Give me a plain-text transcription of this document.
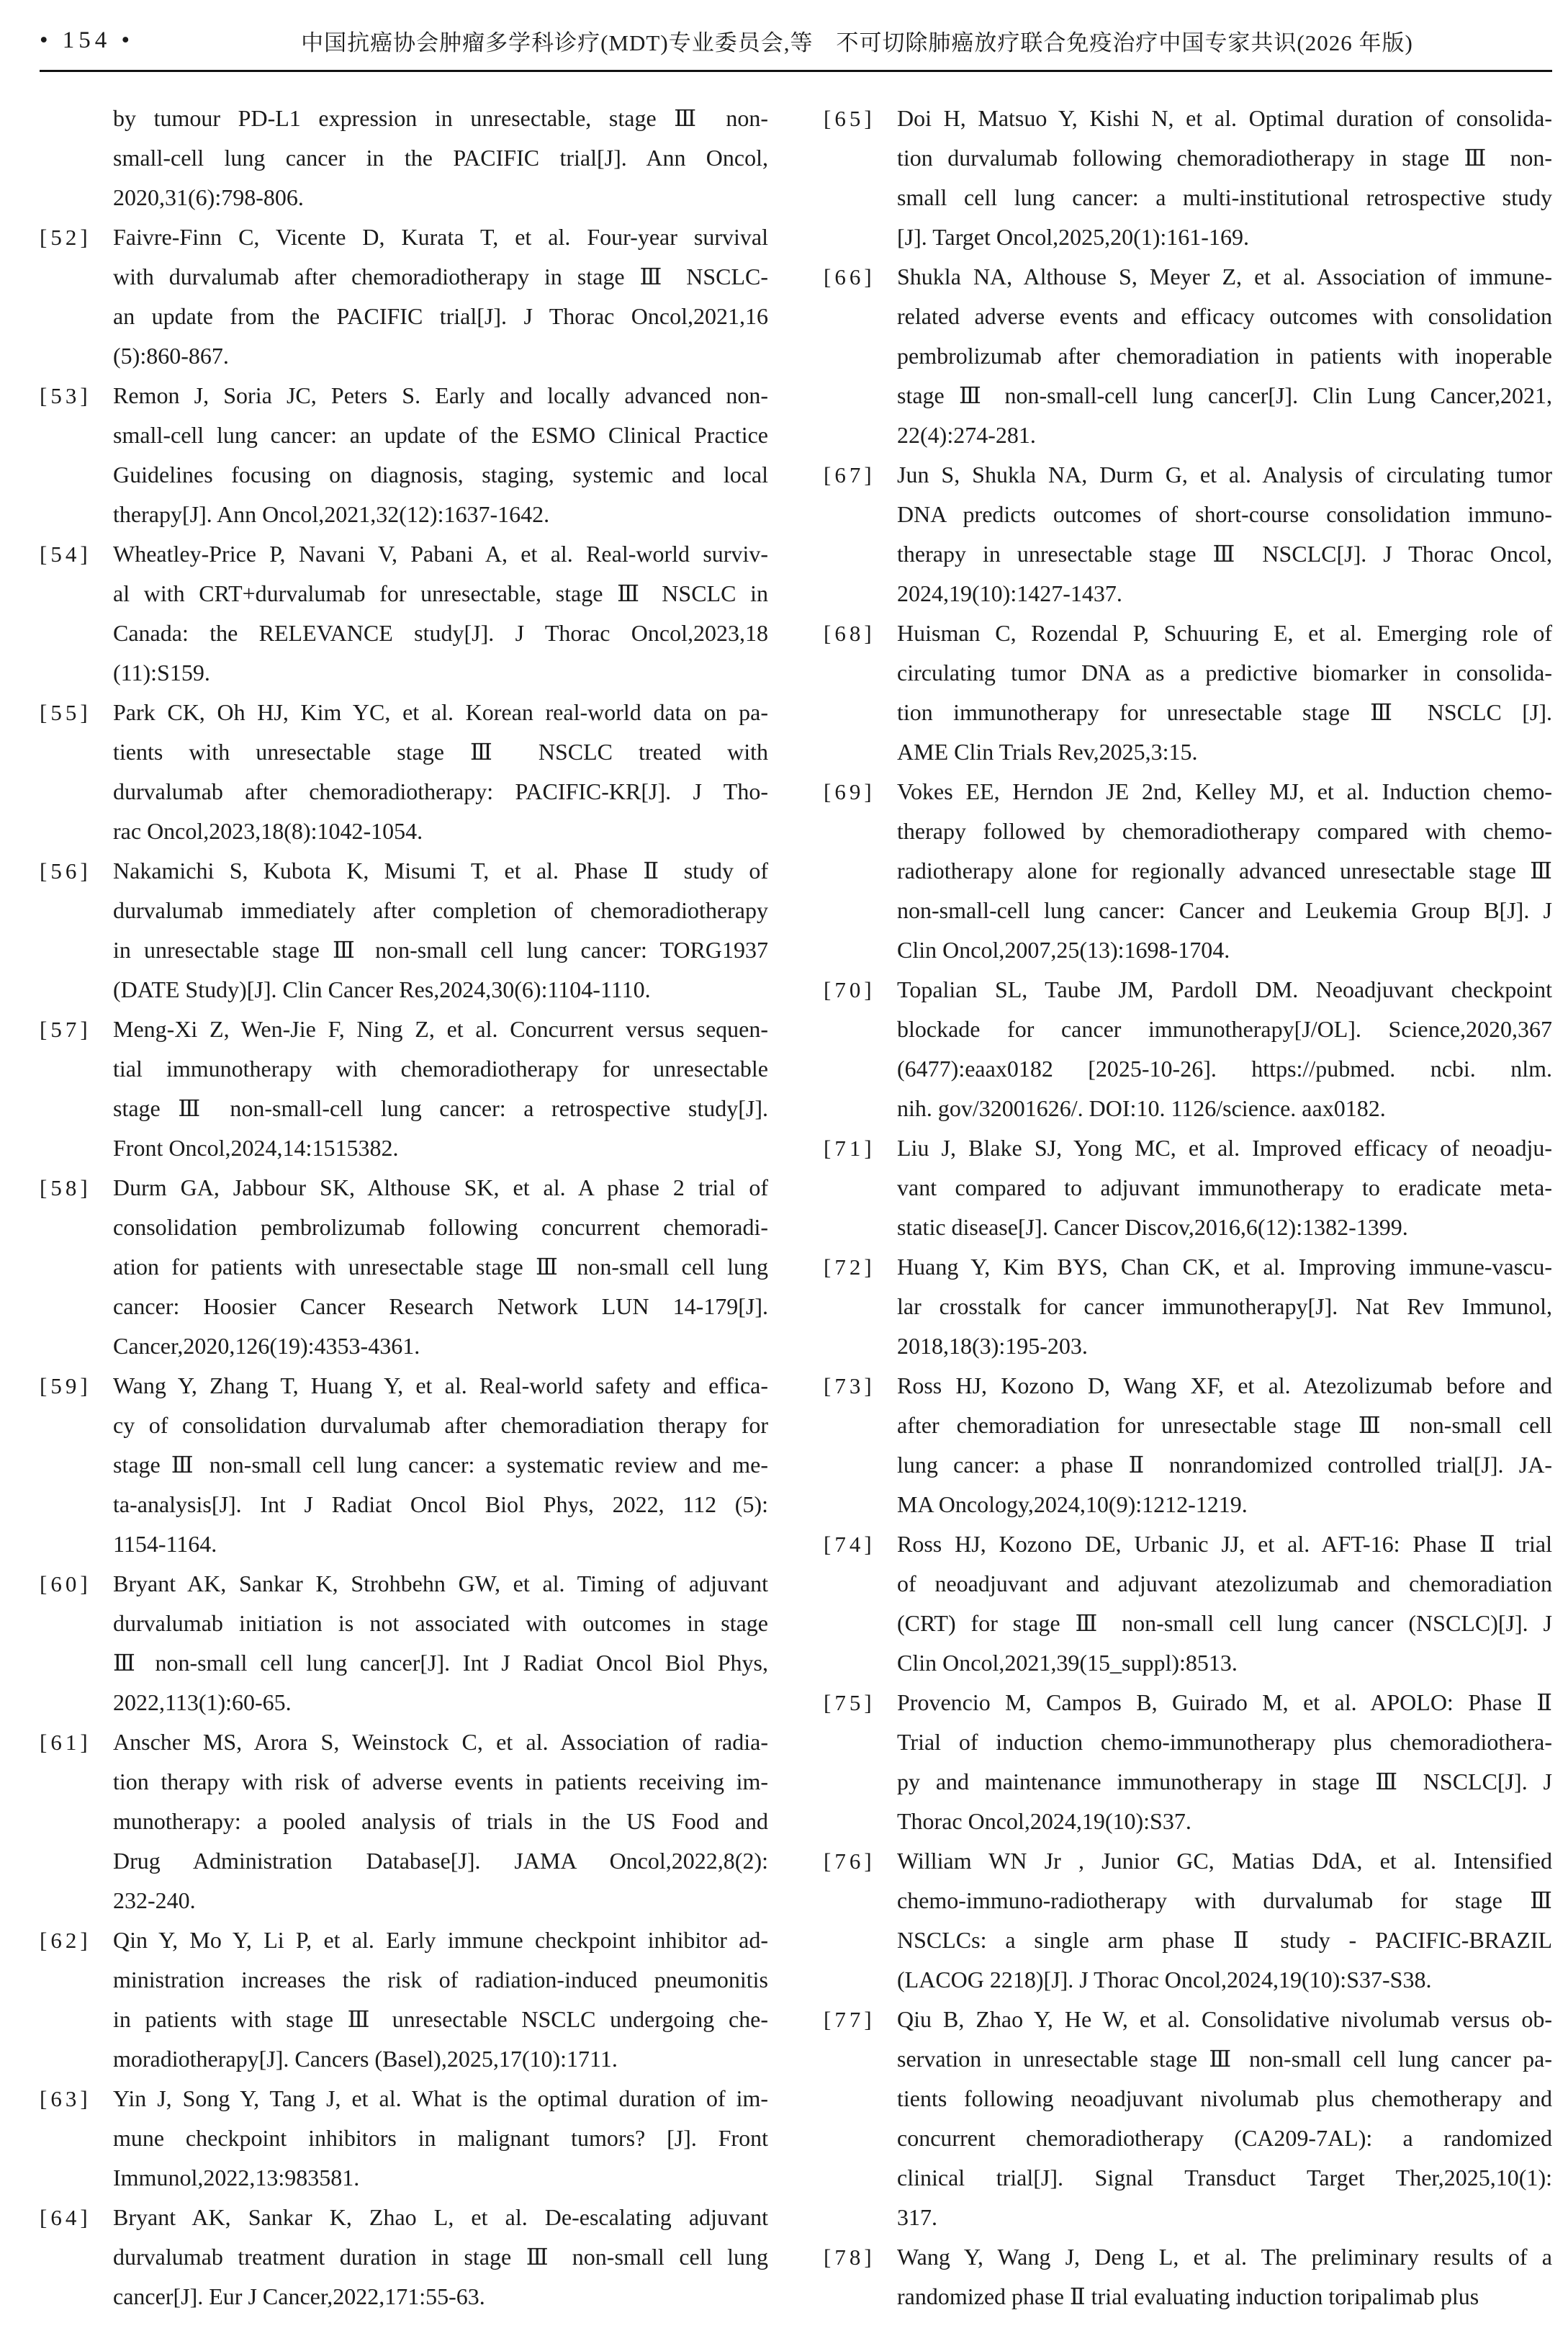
• 154 •	中国抗癌协会肿瘤多学科诊疗(MDT)专业委员会,等　不可切除肺癌放疗联合免疫治疗中国专家共识(2026 年版)
by tumour PD-L1 expression in unresectable, stage Ⅲ non-
small-cell lung cancer in the PACIFIC trial[J]. Ann Oncol,
2020,31(6):798-806.
[52] Faivre-Finn C, Vicente D, Kurata T, et al. Four-year survival
with durvalumab after chemoradiotherapy in stage Ⅲ NSCLC-
an update from the PACIFIC trial[J]. J Thorac Oncol,2021,16
(5):860-867.
[53] Remon J, Soria JC, Peters S. Early and locally advanced non-
small-cell lung cancer: an update of the ESMO Clinical Practice
Guidelines focusing on diagnosis, staging, systemic and local
therapy[J]. Ann Oncol,2021,32(12):1637-1642.
[54] Wheatley-Price P, Navani V, Pabani A, et al. Real-world surviv-
al with CRT+durvalumab for unresectable, stage Ⅲ NSCLC in
Canada: the RELEVANCE study[J]. J Thorac Oncol,2023,18
(11):S159.
[55] Park CK, Oh HJ, Kim YC, et al. Korean real-world data on pa-
tients with unresectable stage Ⅲ NSCLC treated with
durvalumab after chemoradiotherapy: PACIFIC-KR[J]. J Tho-
rac Oncol,2023,18(8):1042-1054.
[56] Nakamichi S, Kubota K, Misumi T, et al. Phase Ⅱ study of
durvalumab immediately after completion of chemoradiotherapy
in unresectable stage Ⅲ non-small cell lung cancer: TORG1937
(DATE Study)[J]. Clin Cancer Res,2024,30(6):1104-1110.
[57] Meng-Xi Z, Wen-Jie F, Ning Z, et al. Concurrent versus sequen-
tial immunotherapy with chemoradiotherapy for unresectable
stage Ⅲ non-small-cell lung cancer: a retrospective study[J].
Front Oncol,2024,14:1515382.
[58] Durm GA, Jabbour SK, Althouse SK, et al. A phase 2 trial of
consolidation pembrolizumab following concurrent chemoradi-
ation for patients with unresectable stage Ⅲ non-small cell lung
cancer: Hoosier Cancer Research Network LUN 14-179[J].
Cancer,2020,126(19):4353-4361.
[59] Wang Y, Zhang T, Huang Y, et al. Real-world safety and effica-
cy of consolidation durvalumab after chemoradiation therapy for
stage Ⅲ non-small cell lung cancer: a systematic review and me-
ta-analysis[J]. Int J Radiat Oncol Biol Phys, 2022, 112 (5):
1154-1164.
[60] Bryant AK, Sankar K, Strohbehn GW, et al. Timing of adjuvant
durvalumab initiation is not associated with outcomes in stage
Ⅲ non-small cell lung cancer[J]. Int J Radiat Oncol Biol Phys,
2022,113(1):60-65.
[61] Anscher MS, Arora S, Weinstock C, et al. Association of radia-
tion therapy with risk of adverse events in patients receiving im-
munotherapy: a pooled analysis of trials in the US Food and
Drug Administration Database[J]. JAMA Oncol,2022,8(2):
232-240.
[62] Qin Y, Mo Y, Li P, et al. Early immune checkpoint inhibitor ad-
ministration increases the risk of radiation-induced pneumonitis
in patients with stage Ⅲ unresectable NSCLC undergoing che-
moradiotherapy[J]. Cancers (Basel),2025,17(10):1711.
[63] Yin J, Song Y, Tang J, et al. What is the optimal duration of im-
mune checkpoint inhibitors in malignant tumors? [J]. Front
Immunol,2022,13:983581.
[64] Bryant AK, Sankar K, Zhao L, et al. De-escalating adjuvant
durvalumab treatment duration in stage Ⅲ non-small cell lung
cancer[J]. Eur J Cancer,2022,171:55-63.
[65] Doi H, Matsuo Y, Kishi N, et al. Optimal duration of consolida-
tion durvalumab following chemoradiotherapy in stage Ⅲ non-
small cell lung cancer: a multi-institutional retrospective study
[J]. Target Oncol,2025,20(1):161-169.
[66] Shukla NA, Althouse S, Meyer Z, et al. Association of immune-
related adverse events and efficacy outcomes with consolidation
pembrolizumab after chemoradiation in patients with inoperable
stage Ⅲ non-small-cell lung cancer[J]. Clin Lung Cancer,2021,
22(4):274-281.
[67] Jun S, Shukla NA, Durm G, et al. Analysis of circulating tumor
DNA predicts outcomes of short-course consolidation immuno-
therapy in unresectable stage Ⅲ NSCLC[J]. J Thorac Oncol,
2024,19(10):1427-1437.
[68] Huisman C, Rozendal P, Schuuring E, et al. Emerging role of
circulating tumor DNA as a predictive biomarker in consolida-
tion immunotherapy for unresectable stage Ⅲ NSCLC [J].
AME Clin Trials Rev,2025,3:15.
[69] Vokes EE, Herndon JE 2nd, Kelley MJ, et al. Induction chemo-
therapy followed by chemoradiotherapy compared with chemo-
radiotherapy alone for regionally advanced unresectable stage Ⅲ
non-small-cell lung cancer: Cancer and Leukemia Group B[J]. J
Clin Oncol,2007,25(13):1698-1704.
[70] Topalian SL, Taube JM, Pardoll DM. Neoadjuvant checkpoint
blockade for cancer immunotherapy[J/OL]. Science,2020,367
(6477):eaax0182 [2025-10-26]. https://pubmed. ncbi. nlm.
nih. gov/32001626/. DOI:10. 1126/science. aax0182.
[71] Liu J, Blake SJ, Yong MC, et al. Improved efficacy of neoadju-
vant compared to adjuvant immunotherapy to eradicate meta-
static disease[J]. Cancer Discov,2016,6(12):1382-1399.
[72] Huang Y, Kim BYS, Chan CK, et al. Improving immune-vascu-
lar crosstalk for cancer immunotherapy[J]. Nat Rev Immunol,
2018,18(3):195-203.
[73] Ross HJ, Kozono D, Wang XF, et al. Atezolizumab before and
after chemoradiation for unresectable stage Ⅲ non-small cell
lung cancer: a phase Ⅱ nonrandomized controlled trial[J]. JA-
MA Oncology,2024,10(9):1212-1219.
[74] Ross HJ, Kozono DE, Urbanic JJ, et al. AFT-16: Phase Ⅱ trial
of neoadjuvant and adjuvant atezolizumab and chemoradiation
(CRT) for stage Ⅲ non-small cell lung cancer (NSCLC)[J]. J
Clin Oncol,2021,39(15_suppl):8513.
[75] Provencio M, Campos B, Guirado M, et al. APOLO: Phase Ⅱ
Trial of induction chemo-immunotherapy plus chemoradiothera-
py and maintenance immunotherapy in stage Ⅲ NSCLC[J]. J
Thorac Oncol,2024,19(10):S37.
[76] William WN Jr , Junior GC, Matias DdA, et al. Intensified
chemo-immuno-radiotherapy with durvalumab for stage Ⅲ
NSCLCs: a single arm phase Ⅱ study - PACIFIC-BRAZIL
(LACOG 2218)[J]. J Thorac Oncol,2024,19(10):S37-S38.
[77] Qiu B, Zhao Y, He W, et al. Consolidative nivolumab versus ob-
servation in unresectable stage Ⅲ non-small cell lung cancer pa-
tients following neoadjuvant nivolumab plus chemotherapy and
concurrent chemoradiotherapy (CA209-7AL): a randomized
clinical trial[J]. Signal Transduct Target Ther,2025,10(1):
317.
[78] Wang Y, Wang J, Deng L, et al. The preliminary results of a
randomized phase Ⅱ trial evaluating induction toripalimab plus
